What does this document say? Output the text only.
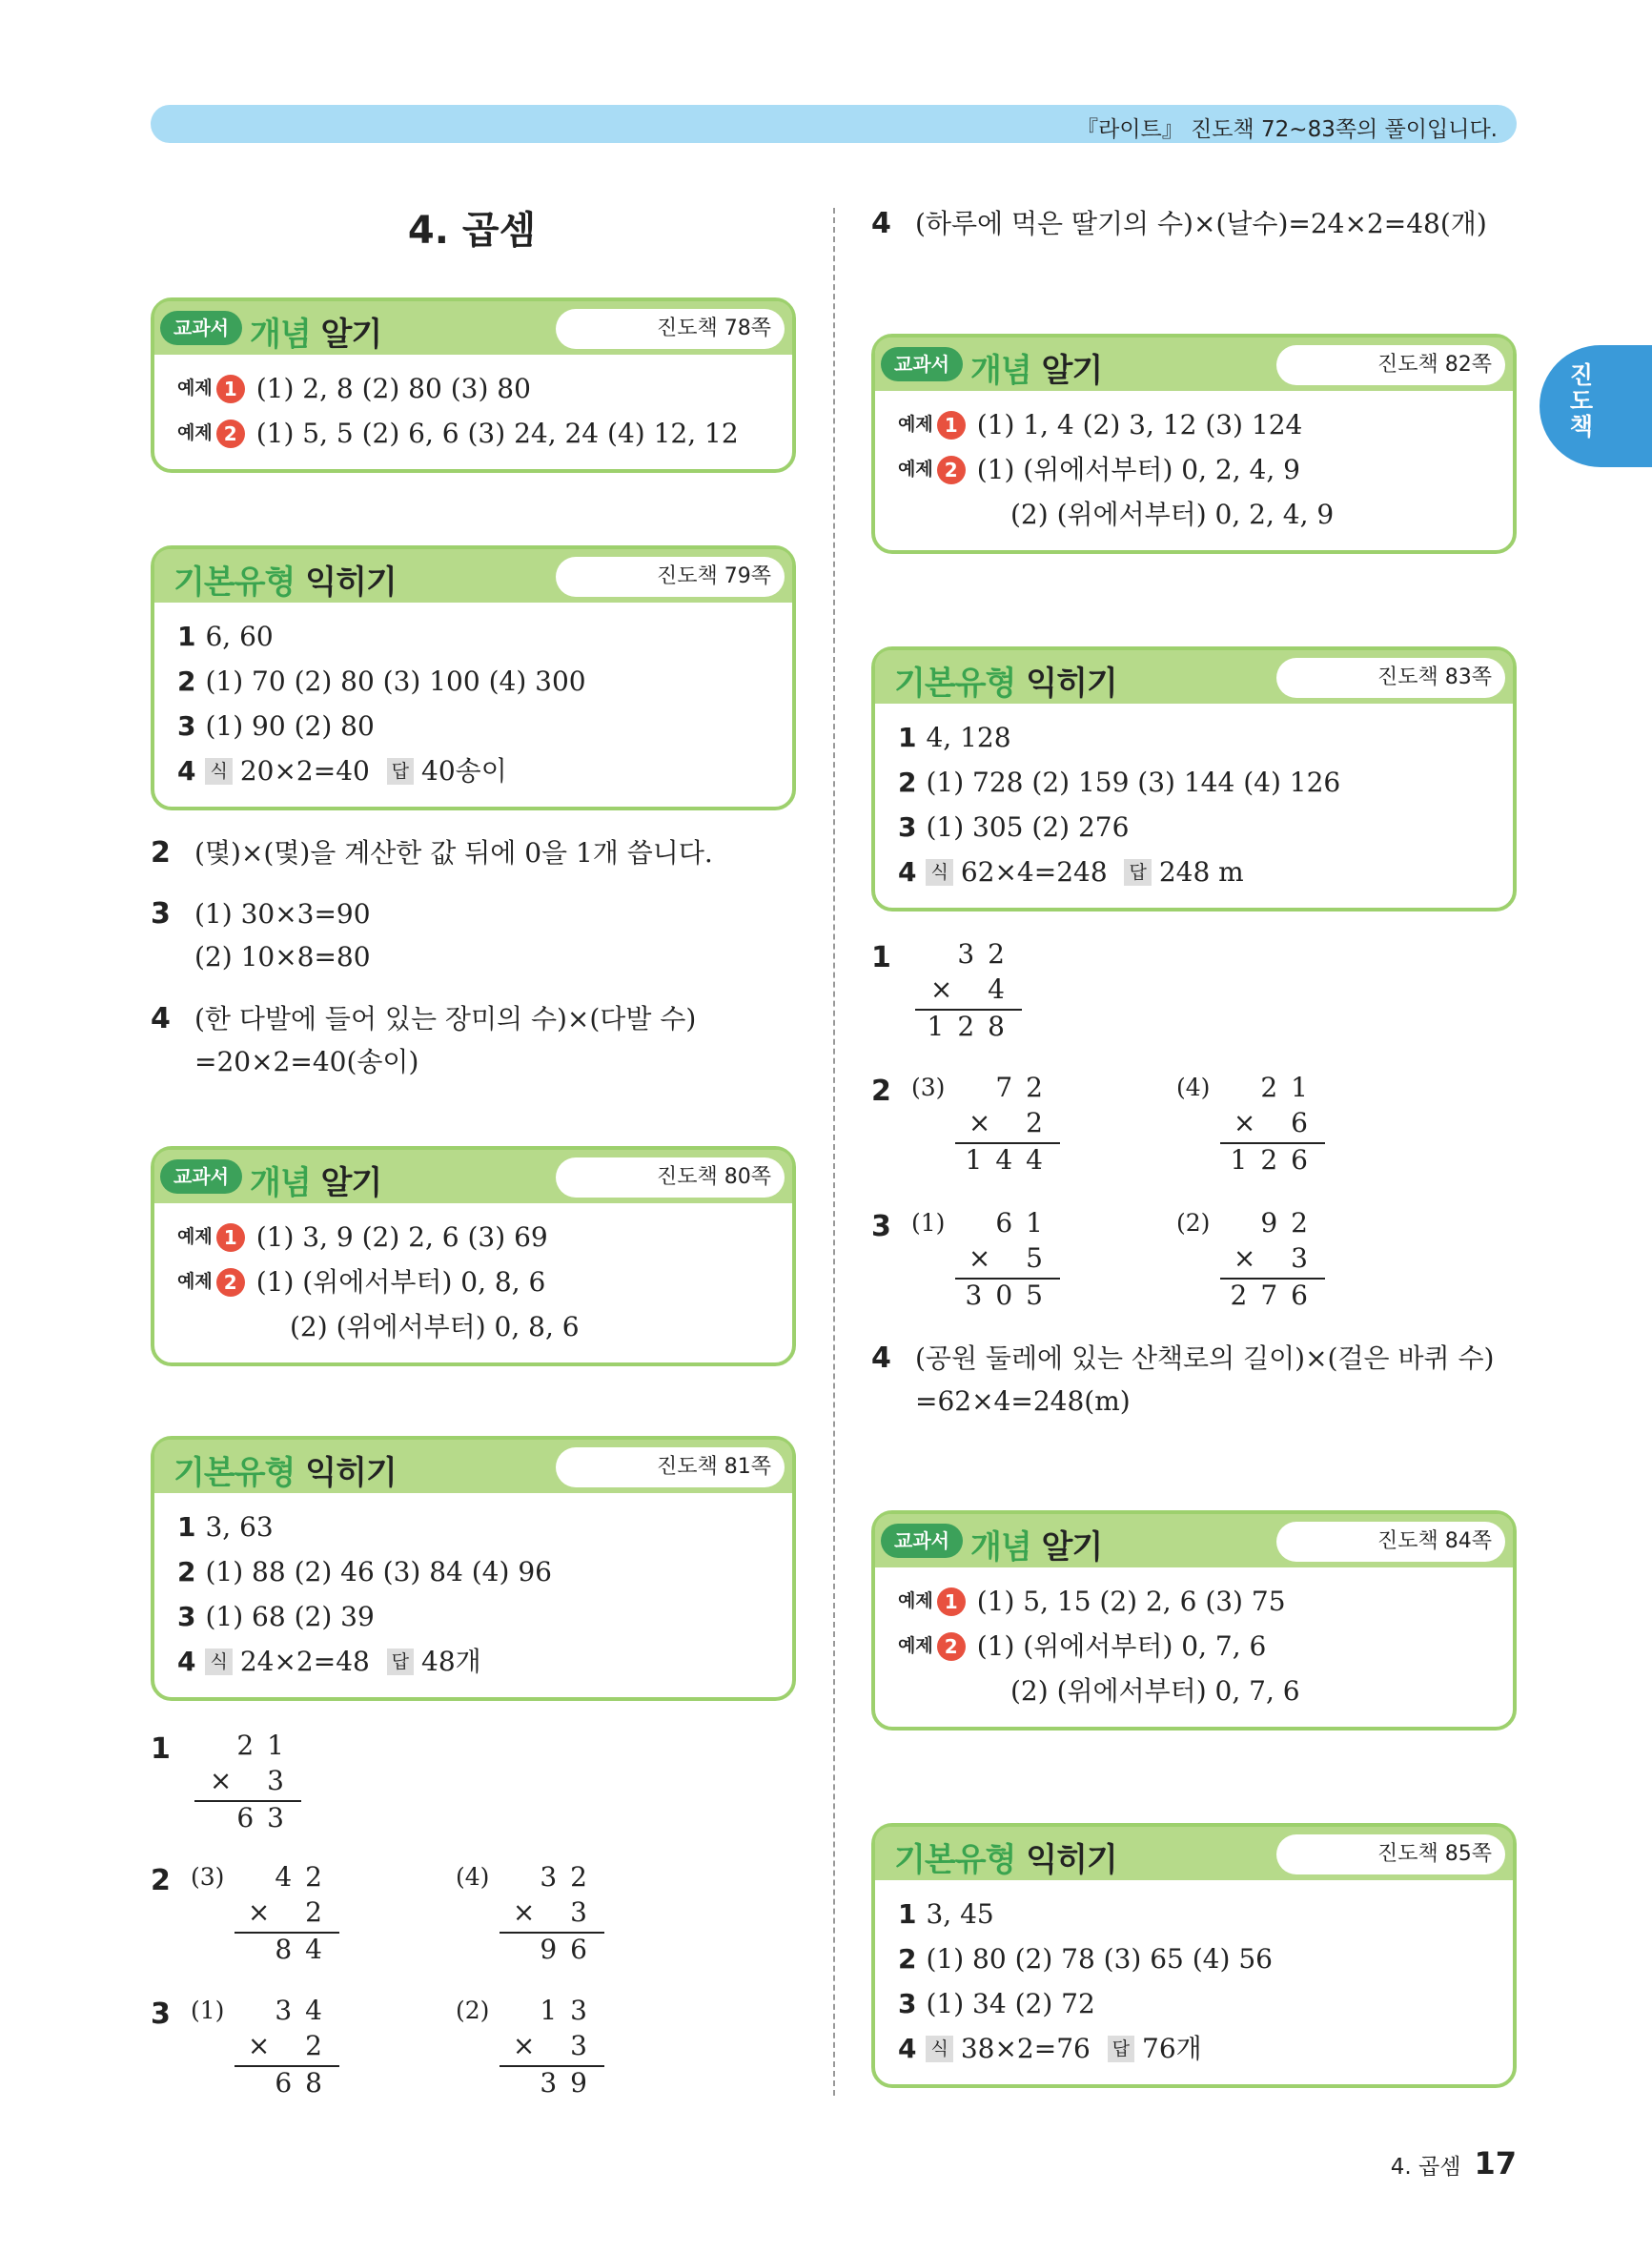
『라이트』 진도책 72~83쪽의 풀이입니다.
진도책
4. 곱셈
교과서 개념 알기	진도책 78쪽
예제 1 (1) 2, 8 (2) 80 (3) 80
예제 2 (1) 5, 5 (2) 6, 6 (3) 24, 24 (4) 12, 12
기본유형 익히기	진도책 79쪽
1 6, 60
2 (1) 70 (2) 80 (3) 100 (4) 300
3 (1) 90 (2) 80
4 식 20×2=40 답 40송이
2 (몇)×(몇)을 계산한 값 뒤에 0을 1개 씁니다.
3 (1) 30×3=90
(2) 10×8=80
4 (한 다발에 들어 있는 장미의 수)×(다발 수)
=20×2=40(송이)
교과서 개념 알기	진도책 80쪽
예제 1 (1) 3, 9 (2) 2, 6 (3) 69
예제 2 (1) (위에서부터) 0, 8, 6
(2) (위에서부터) 0, 8, 6
기본유형 익히기	진도책 81쪽
1 3, 63
2 (1) 88 (2) 46 (3) 84 (4) 96
3 (1) 68 (2) 39
4 식 24×2=48 답 48개
1 21
× 3
63
2 (3) 42
× 2
84
(4) 32
× 3
96
3 (1) 34
× 2
68
(2) 13
× 3
39
4 (하루에 먹은 딸기의 수)×(날수)=24×2=48(개)
교과서 개념 알기	진도책 82쪽
예제 1 (1) 1, 4 (2) 3, 12 (3) 124
예제 2 (1) (위에서부터) 0, 2, 4, 9
(2) (위에서부터) 0, 2, 4, 9
기본유형 익히기	진도책 83쪽
1 4, 128
2 (1) 728 (2) 159 (3) 144 (4) 126
3 (1) 305 (2) 276
4 식 62×4=248 답 248 m
1 32
× 4
128
2 (3) 72
× 2
144
(4) 21
× 6
126
3 (1) 61
× 5
305
(2) 92
× 3
276
4 (공원 둘레에 있는 산책로의 길이)×(걸은 바퀴 수)
=62×4=248(m)
교과서 개념 알기	진도책 84쪽
예제 1 (1) 5, 15 (2) 2, 6 (3) 75
예제 2 (1) (위에서부터) 0, 7, 6
(2) (위에서부터) 0, 7, 6
기본유형 익히기	진도책 85쪽
1 3, 45
2 (1) 80 (2) 78 (3) 65 (4) 56
3 (1) 34 (2) 72
4 식 38×2=76 답 76개
4. 곱셈 17
